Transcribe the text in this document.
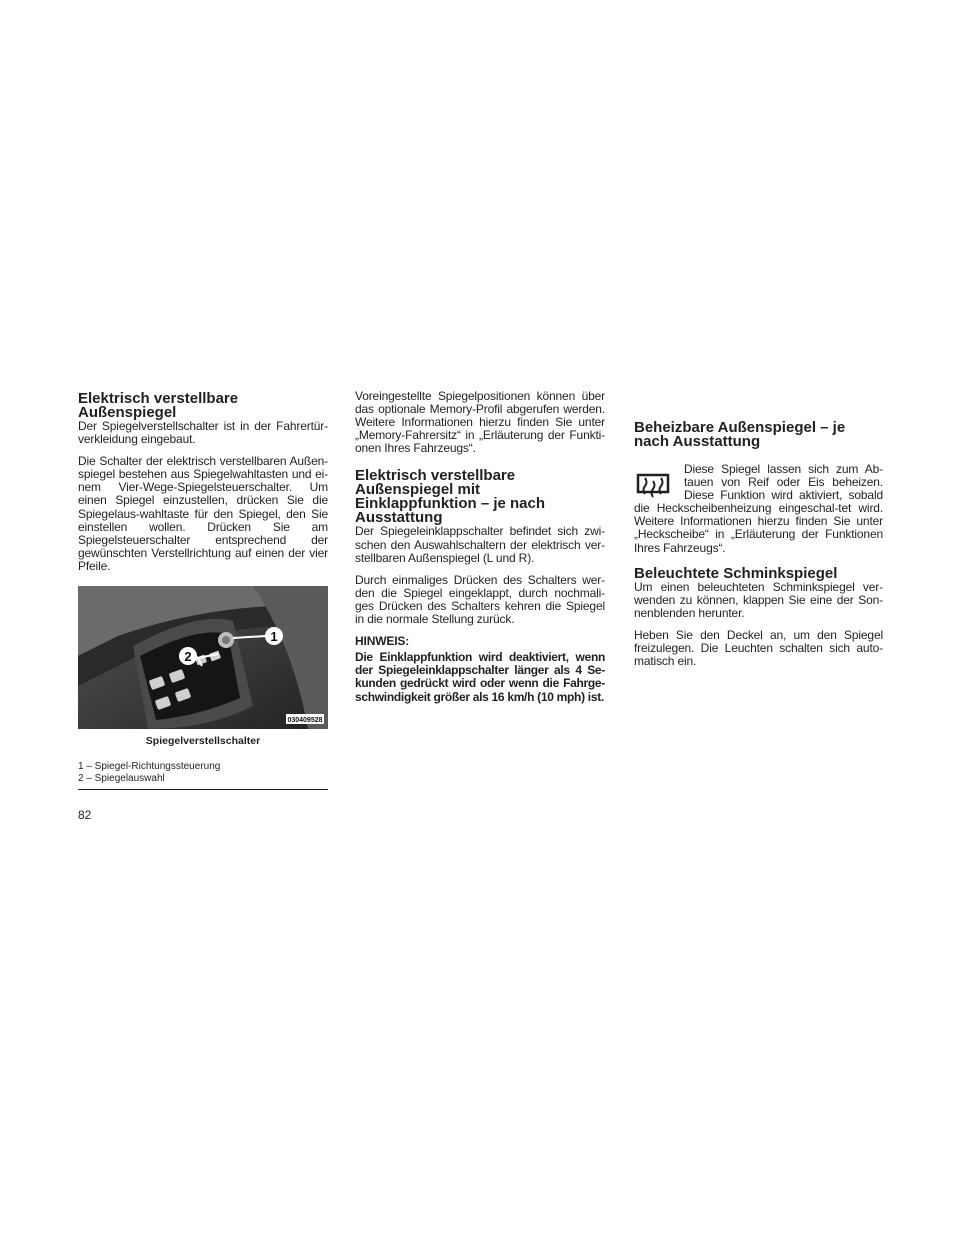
Elektrisch verstellbare Außenspiegel

Der Spiegelverstellschalter ist in der Fahrertür-verkleidung eingebaut.

Die Schalter der elektrisch verstellbaren Außen-spiegel bestehen aus Spiegelwahltasten und ei-nem Vier-Wege-Spiegelsteuerschalter. Um einen Spiegel einzustellen, drücken Sie die Spiegelaus-wahltaste für den Spiegel, den Sie einstellen wollen. Drücken Sie am Spiegelsteuerschalter entsprechend der gewünschten Verstellrichtung auf einen der vier Pfeile.

1
2
030409528
Spiegelverstellschalter
1 – Spiegel-Richtungssteuerung
2 – Spiegelauswahl
82

Voreingestellte Spiegelpositionen können über das optionale Memory-Profil abgerufen werden. Weitere Informationen hierzu finden Sie unter „Memory-Fahrersitz“ in „Erläuterung der Funkti-onen Ihres Fahrzeugs“.

Elektrisch verstellbare Außenspiegel mit Einklappfunktion – je nach Ausstattung

Der Spiegeleinklappschalter befindet sich zwi-schen den Auswahlschaltern der elektrisch ver-stellbaren Außenspiegel (L und R).

Durch einmaliges Drücken des Schalters wer-den die Spiegel eingeklappt, durch nochmali-ges Drücken des Schalters kehren die Spiegel in die normale Stellung zurück.

HINWEIS:

Die Einklappfunktion wird deaktiviert, wenn der Spiegeleinklappschalter länger als 4 Se-kunden gedrückt wird oder wenn die Fahrge-schwindigkeit größer als 16 km/h (10 mph) ist.

Beheizbare Außenspiegel – je nach Ausstattung

Diese Spiegel lassen sich zum Ab-tauen von Reif oder Eis beheizen. Diese Funktion wird aktiviert, sobald die Heckscheibenheizung eingeschal-tet wird. Weitere Informationen hierzu finden Sie unter „Heckscheibe“ in „Erläuterung der Funktionen Ihres Fahrzeugs“.

Beleuchtete Schminkspiegel

Um einen beleuchteten Schminkspiegel ver-wenden zu können, klappen Sie eine der Son-nenblenden herunter.

Heben Sie den Deckel an, um den Spiegel freizulegen. Die Leuchten schalten sich auto-matisch ein.
